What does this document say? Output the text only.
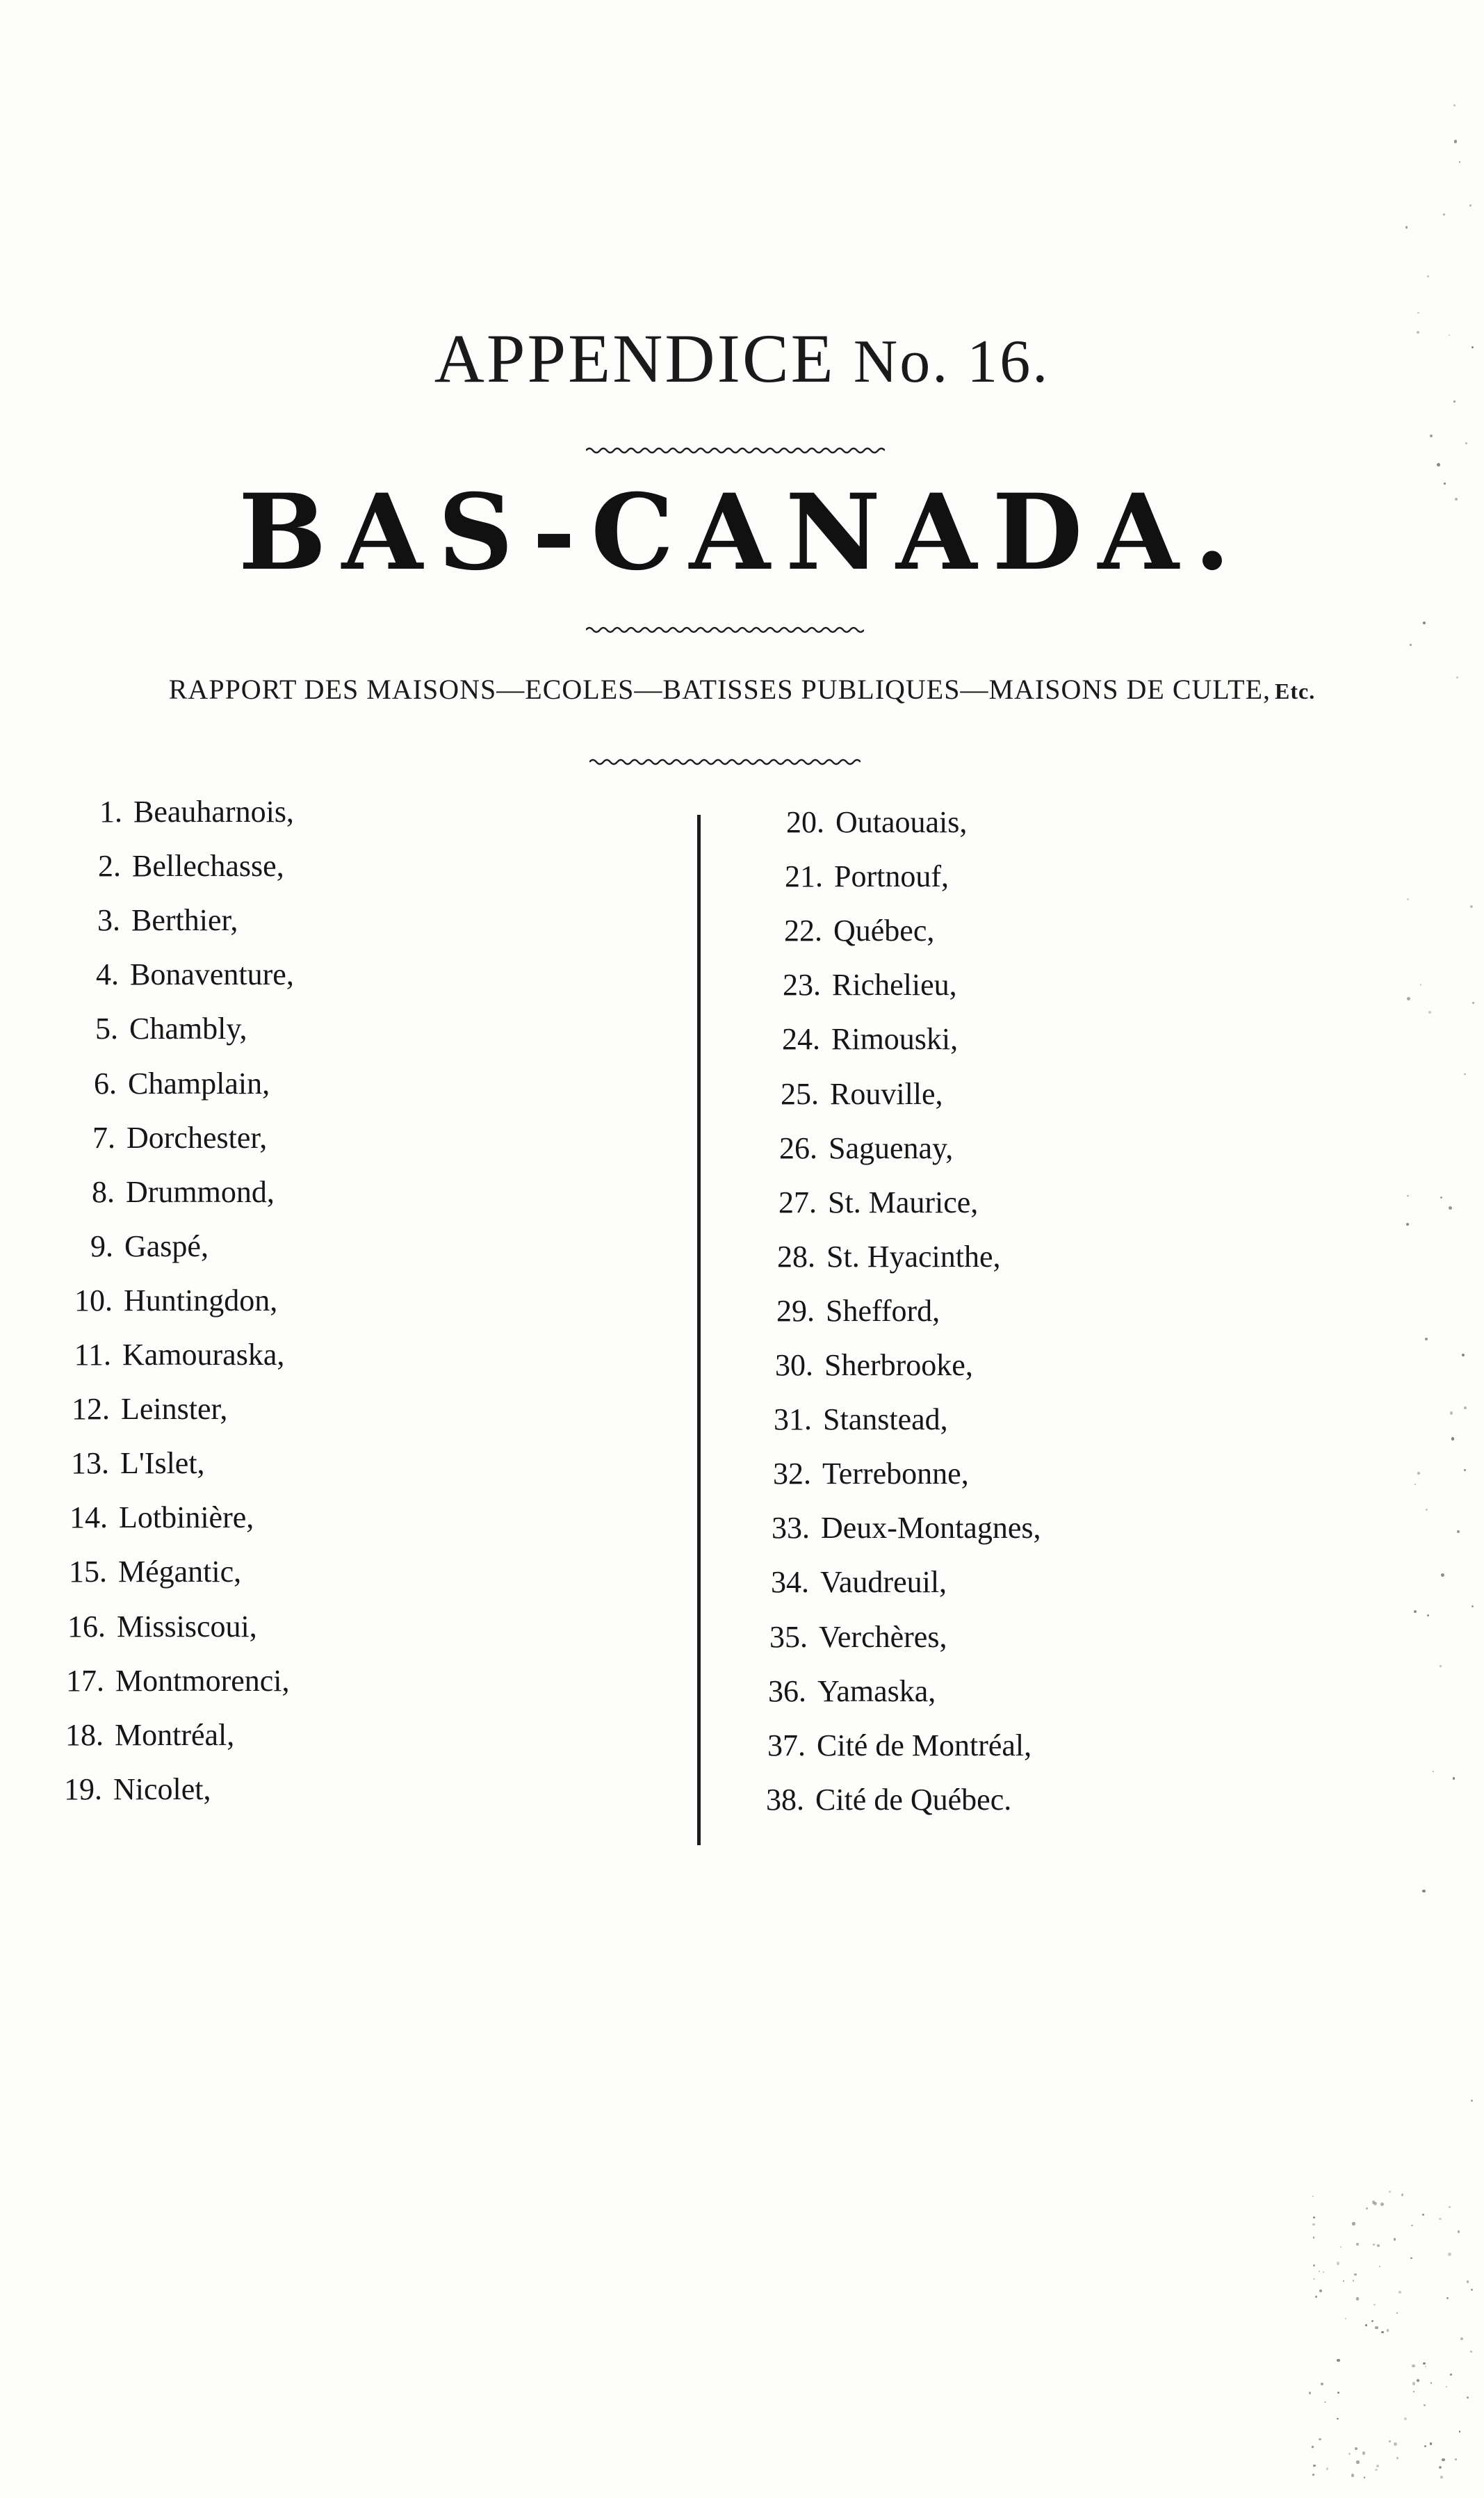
APPENDICE No. 16.
BAS-CANADA.
RAPPORT DES MAISONS—ECOLES—BATISSES PUBLIQUES—MAISONS DE CULTE, Etc.
1. Beauharnois,
2. Bellechasse,
3. Berthier,
4. Bonaventure,
5. Chambly,
6. Champlain,
7. Dorchester,
8. Drummond,
9. Gaspé,
10. Huntingdon,
11. Kamouraska,
12. Leinster,
13. L'Islet,
14. Lotbinière,
15. Mégantic,
16. Missiscoui,
17. Montmorenci,
18. Montréal,
19. Nicolet,
20. Outaouais,
21. Portnouf,
22. Québec,
23. Richelieu,
24. Rimouski,
25. Rouville,
26. Saguenay,
27. St. Maurice,
28. St. Hyacinthe,
29. Shefford,
30. Sherbrooke,
31. Stanstead,
32. Terrebonne,
33. Deux-Montagnes,
34. Vaudreuil,
35. Verchères,
36. Yamaska,
37. Cité de Montréal,
38. Cité de Québec.
